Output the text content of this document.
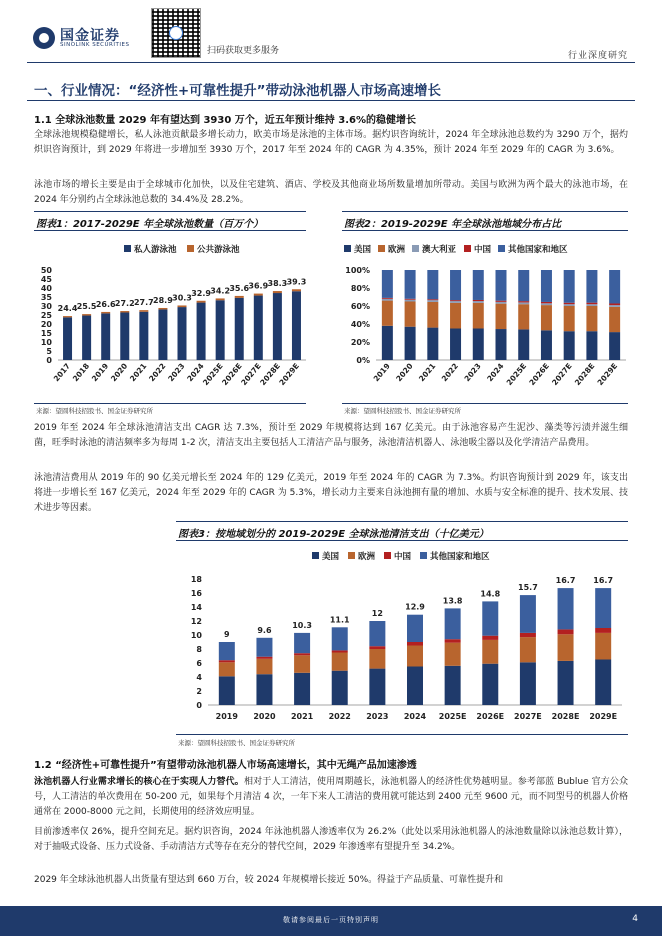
国金证券
SINOLINK SECURITIES
扫码获取更多服务	行业深度研究
一、行业情况：“经济性+可靠性提升”带动泳池机器人市场高速增长
1.1 全球泳池数量 2029 年有望达到 3930 万个，近五年预计维持 3.6%的稳健增长
全球泳池规模稳健增长，私人泳池贡献最多增长动力，欧美市场是泳池的主体市场。据灼识咨询统计，2024 年全球泳池总数约为 3290 万个，据灼炽识咨询预计，到 2029 年将进一步增加至 3930 万个，2017 年至 2024 年的 CAGR 为 4.35%，预计 2024 年至 2029 年的 CAGR 为 3.6%。
泳池市场的增长主要是由于全球城市化加快，以及住宅建筑、酒店、学校及其他商业场所数量增加所带动。美国与欧洲为两个最大的泳池市场，在 2024 年分别约占全球泳池总数的 34.4%及 28.2%。
图表1：2017-2029E 年全球泳池数量（百万个）	图表2：2019-2029E 年全球泳池地域分布占比
私人游泳池 公共游泳池
0
5
10
15
20
25
30
35
40
45
50
24.4
2017
25.5
2018
26.6
2019
27.2
2020
27.7
2021
28.9
2022
30.3
2023
32.9
2024
34.2
2025E
35.6
2026E
36.9
2027E
38.3
2028E
39.3
2029E
美国 欧洲 澳大利亚 中国 其他国家和地区
0%
20%
40%
60%
80%
100%
2019 2020 2021 2022 2023 2024 2025E 2026E 2027E 2028E 2029E
来源：望圆科技招股书、国金证券研究所	来源：望圆科技招股书、国金证券研究所
2019 年至 2024 年全球泳池清洁支出 CAGR 达 7.3%，预计至 2029 年规模将达到 167 亿美元。由于泳池容易产生泥沙、藻类等污渍并滋生细菌，旺季时泳池的清洁频率多为每周 1-2 次，清洁支出主要包括人工清洁产品与服务，泳池清洁机器人、泳池吸尘器以及化学清洁产品费用。
泳池清洁费用从 2019 年的 90 亿美元增长至 2024 年的 129 亿美元，2019 年至 2024 年的 CAGR 为 7.3%。灼识咨询预计到 2029 年，该支出将进一步增长至 167 亿美元，2024 年至 2029 年的 CAGR 为 5.3%，增长动力主要来自泳池拥有量的增加、水质与安全标准的提升、技术发展、技术进步等因素。
图表3：按地域划分的 2019-2029E 全球泳池清洁支出（十亿美元）
美国 欧洲 中国 其他国家和地区
0
2
4
6
8
10
12
14
16
18
9
2019
9.6
2020
10.3
2021
11.1
2022
12
2023
12.9
2024
13.8
2025E
14.8
2026E
15.7
2027E
16.7
2028E
16.7
2029E
来源：望圆科技招股书、国金证券研究所
1.2 “经济性+可靠性提升”有望带动泳池机器人市场高速增长，其中无绳产品加速渗透
泳池机器人行业需求增长的核心在于实现人力替代。相对于人工清洁，使用周期越长，泳池机器人的经济性优势越明显。参考部蓝 Bublue 官方公众号，人工清洁的单次费用在 50-200 元，如果每个月清洁 4 次，一年下来人工清洁的费用就可能达到 2400 元至 9600 元，而不同型号的机器人价格通常在 2000-8000 元之间，长期使用的经济效应明显。
目前渗透率仅 26%，提升空间充足。据灼识咨询，2024 年泳池机器人渗透率仅为 26.2%（此处以采用泳池机器人的泳池数量除以泳池总数计算），对于抽吸式设备、压力式设备、手动清洁方式等存在充分的替代空间，2029 年渗透率有望提升至 34.2%。
2029 年全球泳池机器人出货量有望达到 660 万台，较 2024 年规模增长接近 50%。得益于产品质量、可靠性提升和
敬请参阅最后一页特别声明	4
